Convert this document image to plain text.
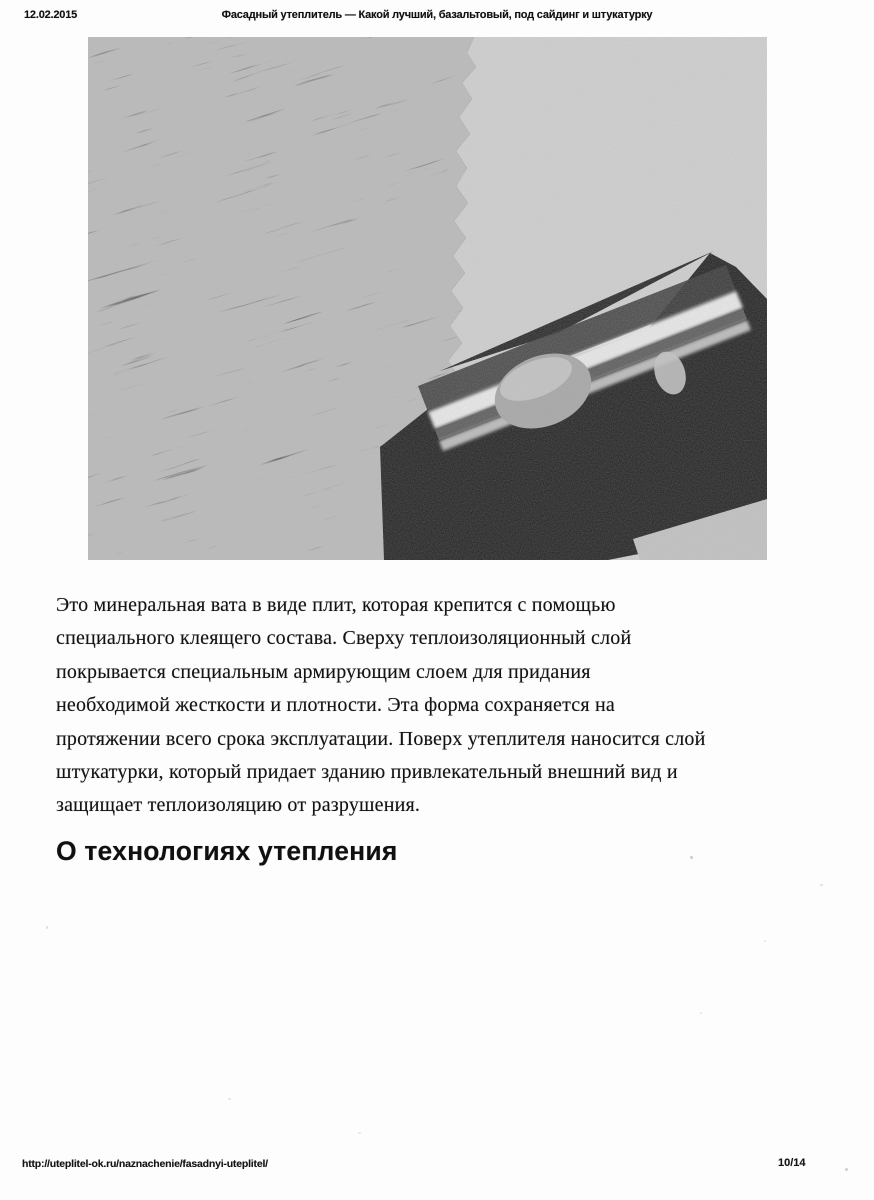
12.02.2015	Фасадный утеплитель — Какой лучший, базальтовый, под сайдинг и штукатурку
Это минеральная вата в виде плит, которая крепится с помощью
специального клеящего состава. Сверху теплоизоляционный слой
покрывается специальным армирующим слоем для придания
необходимой жесткости и плотности. Эта форма сохраняется на
протяжении всего срока эксплуатации. Поверх утеплителя наносится слой
штукатурки, который придает зданию привлекательный внешний вид и
защищает теплоизоляцию от разрушения.
О технологиях утепления
http://uteplitel-ok.ru/naznachenie/fasadnyi-uteplitel/	10/14
